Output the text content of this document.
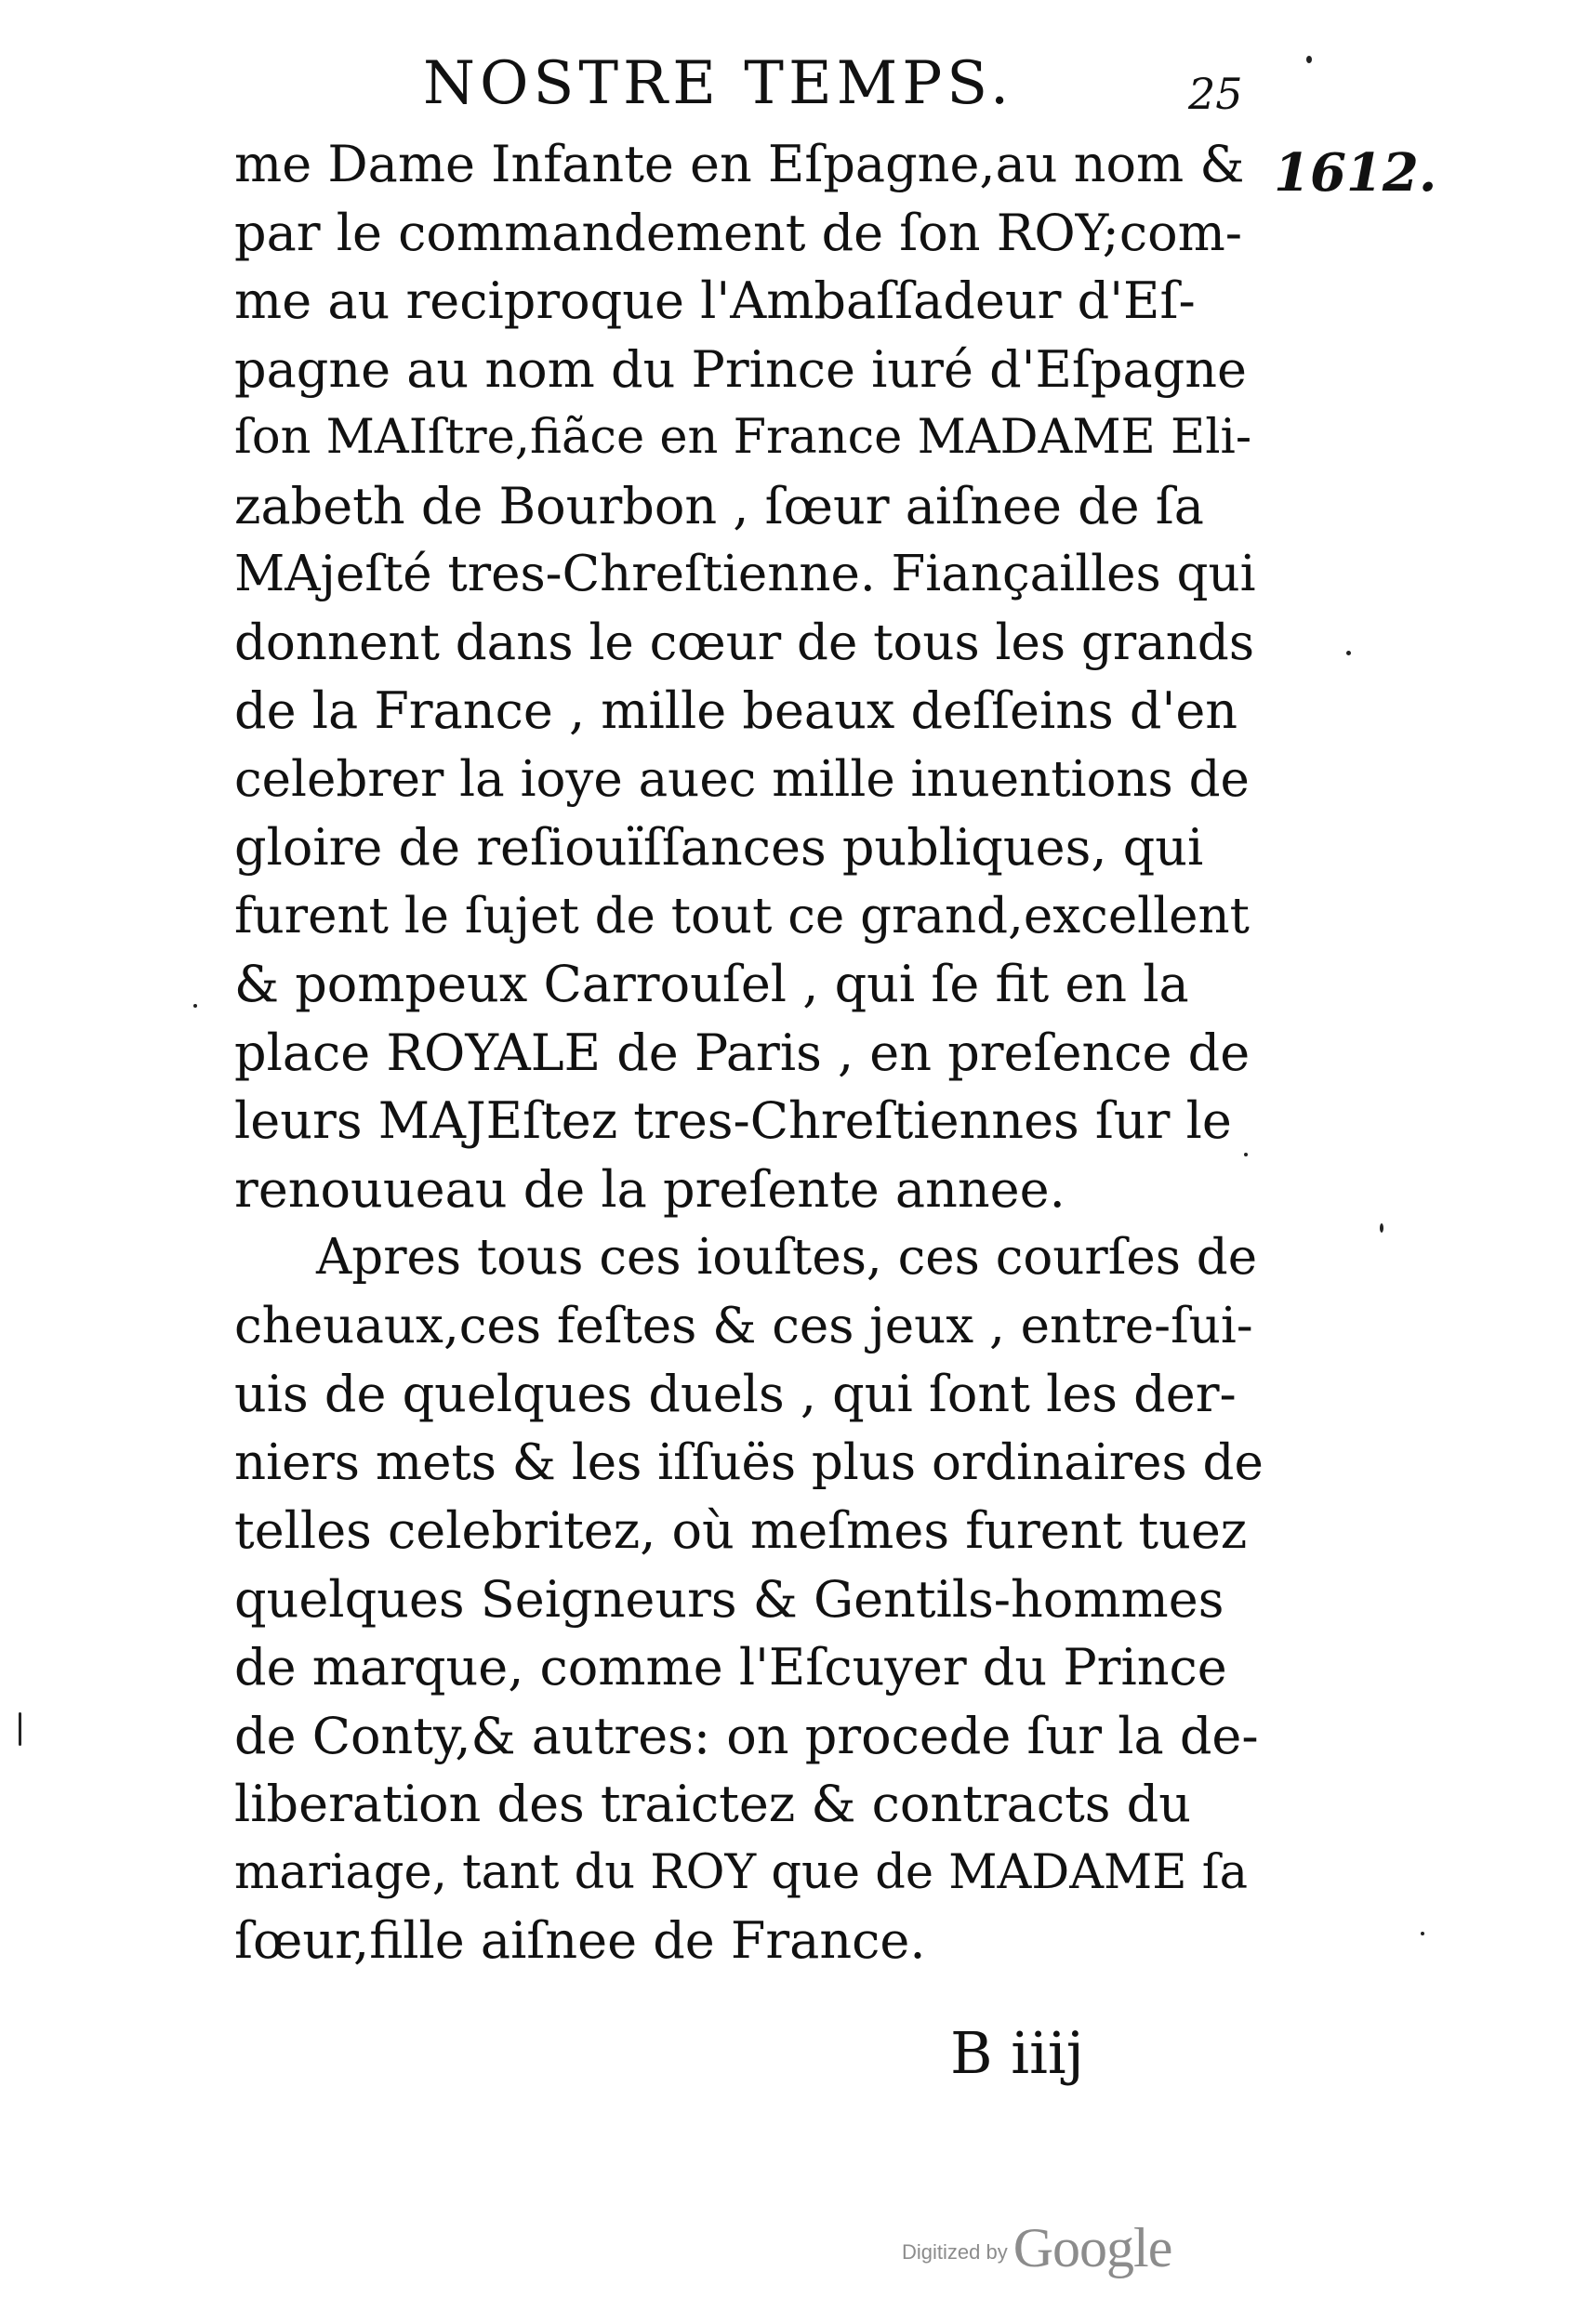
NOSTRE TEMPS.	25
1612.
me Dame Infante en Eſpagne,au nom &
par le commandement de ſon ROY;com-
me au reciproque l'Ambaſſadeur d'Eſ-
pagne au nom du Prince iuré d'Eſpagne
ſon MAIſtre,fiãce en France MADAME Eli-
zabeth de Bourbon , ſœur aiſnee de ſa
MAjeſté tres-Chreſtienne. Fiançailles qui
donnent dans le cœur de tous les grands
de la France , mille beaux deſſeins d'en
celebrer la ioye auec mille inuentions de
gloire de reſiouïſſances publiques, qui
furent le ſujet de tout ce grand,excellent
& pompeux Carrouſel , qui ſe fit en la
place ROYALE de Paris , en preſence de
leurs MAJEſtez tres-Chreſtiennes ſur le
renouueau de la preſente annee.
Apres tous ces iouſtes, ces courſes de
cheuaux,ces feſtes & ces jeux , entre-ſui-
uis de quelques duels , qui ſont les der-
niers mets & les iſſuës plus ordinaires de
telles celebritez, où meſmes furent tuez
quelques Seigneurs & Gentils-hommes
de marque, comme l'Eſcuyer du Prince
de Conty,& autres: on procede ſur la de-
liberation des traictez & contracts du
mariage, tant du ROY que de MADAME ſa
ſœur,fille aiſnee de France.
B iiij
Digitized by Google
